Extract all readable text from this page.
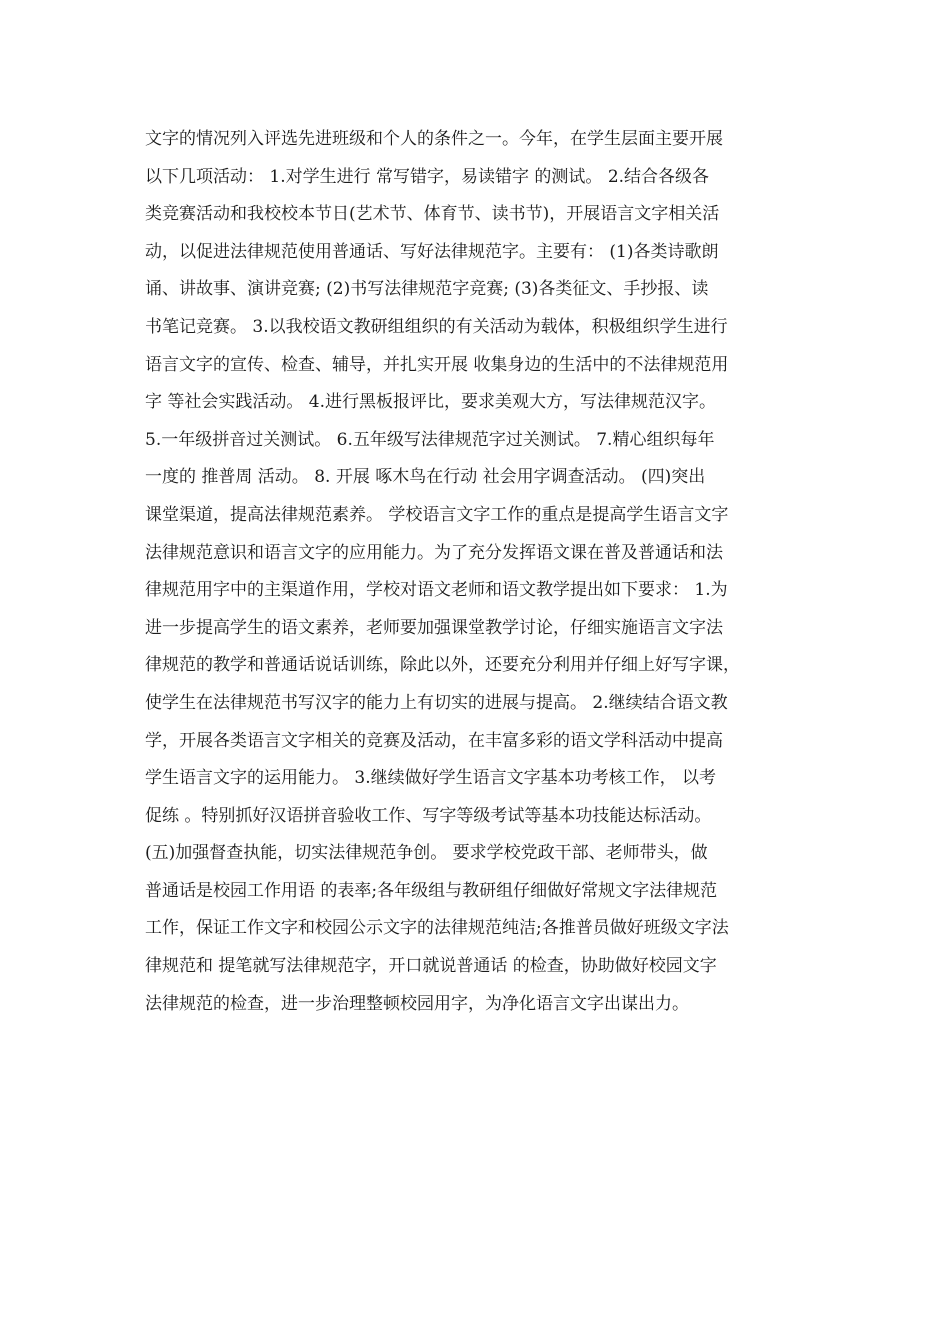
文字的情况列入评选先进班级和个人的条件之一。今年，在学生层面主要开展
以下几项活动： 1.对学生进行 常写错字，易读错字 的测试。 2.结合各级各
类竞赛活动和我校校本节日(艺术节、体育节、读书节)，开展语言文字相关活
动，以促进法律规范使用普通话、写好法律规范字。主要有： (1)各类诗歌朗
诵、讲故事、演讲竞赛; (2)书写法律规范字竞赛; (3)各类征文、手抄报、读
书笔记竞赛。 3.以我校语文教研组组织的有关活动为载体，积极组织学生进行
语言文字的宣传、检查、辅导，并扎实开展 收集身边的生活中的不法律规范用
字 等社会实践活动。 4.进行黑板报评比，要求美观大方，写法律规范汉字。
5.一年级拼音过关测试。 6.五年级写法律规范字过关测试。 7.精心组织每年
一度的 推普周 活动。 8. 开展 啄木鸟在行动 社会用字调查活动。 (四)突出
课堂渠道，提高法律规范素养。 学校语言文字工作的重点是提高学生语言文字
法律规范意识和语言文字的应用能力。为了充分发挥语文课在普及普通话和法
律规范用字中的主渠道作用，学校对语文老师和语文教学提出如下要求： 1.为
进一步提高学生的语文素养，老师要加强课堂教学讨论，仔细实施语言文字法
律规范的教学和普通话说话训练，除此以外，还要充分利用并仔细上好写字课，
使学生在法律规范书写汉字的能力上有切实的进展与提高。 2.继续结合语文教
学，开展各类语言文字相关的竞赛及活动，在丰富多彩的语文学科活动中提高
学生语言文字的运用能力。 3.继续做好学生语言文字基本功考核工作， 以考
促练 。特别抓好汉语拼音验收工作、写字等级考试等基本功技能达标活动。
(五)加强督查执能，切实法律规范争创。 要求学校党政干部、老师带头，做
普通话是校园工作用语 的表率;各年级组与教研组仔细做好常规文字法律规范
工作，保证工作文字和校园公示文字的法律规范纯洁;各推普员做好班级文字法
律规范和 提笔就写法律规范字，开口就说普通话 的检查，协助做好校园文字
法律规范的检查，进一步治理整顿校园用字，为净化语言文字出谋出力。
